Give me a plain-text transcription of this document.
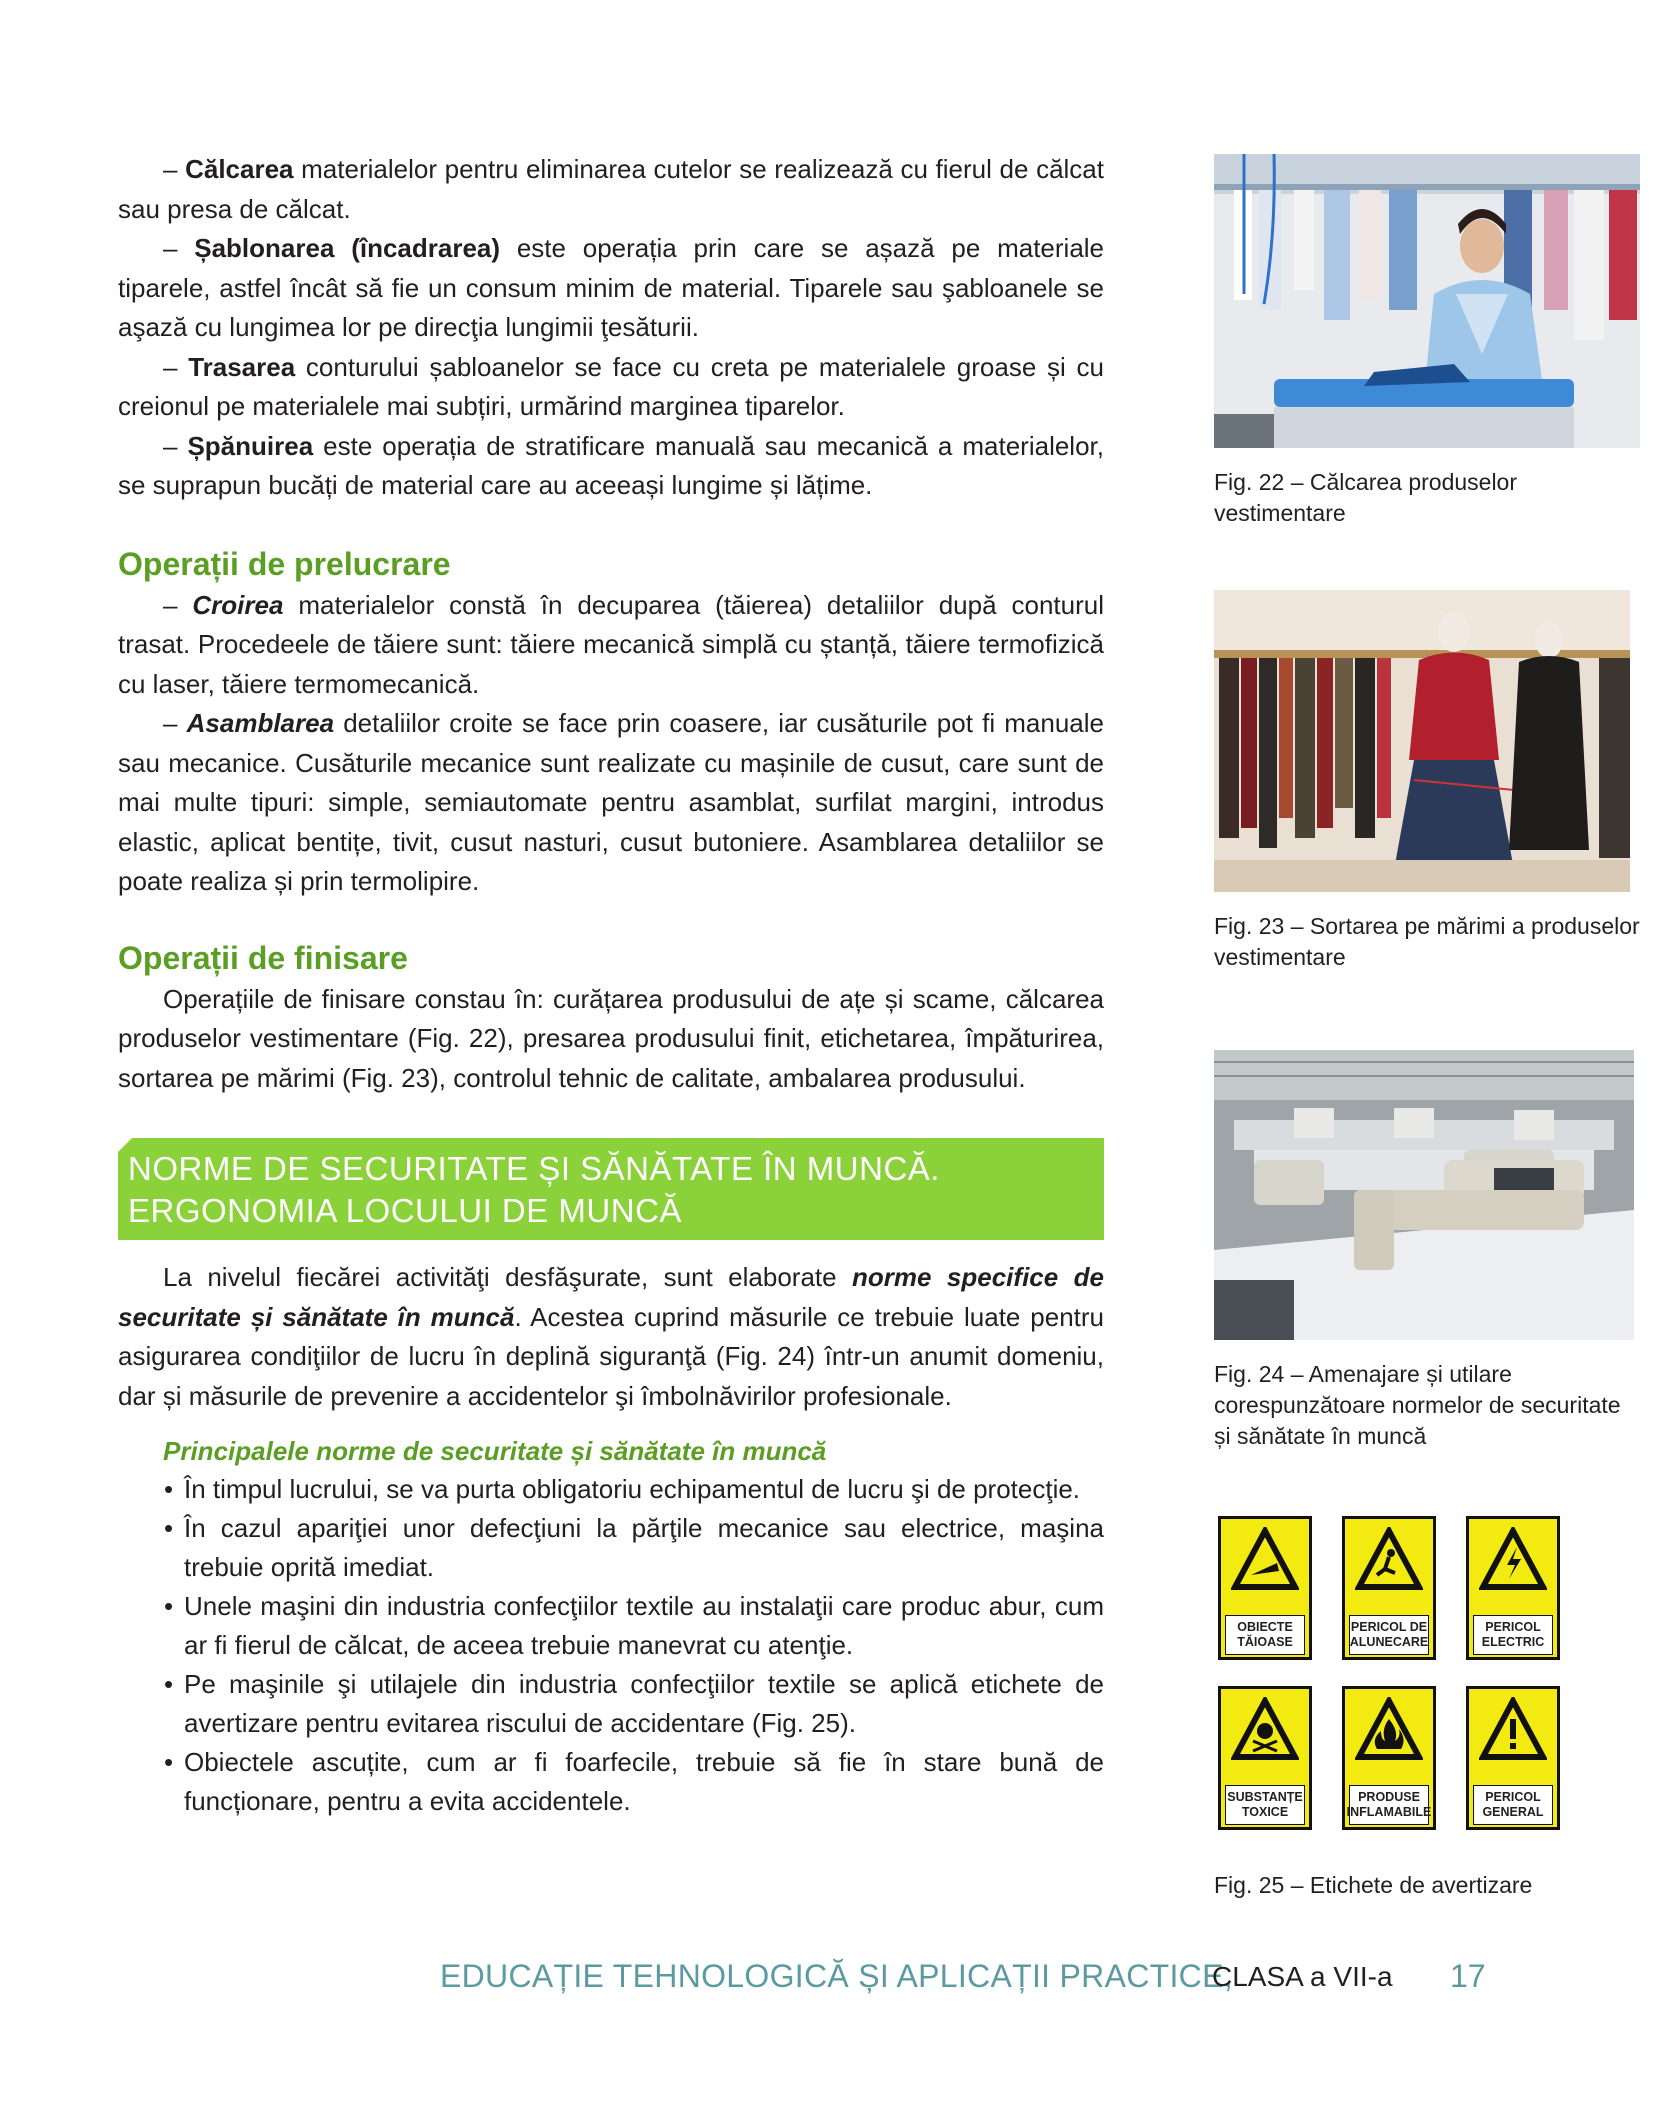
– Călcarea materialelor pentru eliminarea cutelor se realizează cu fierul de călcat sau presa de călcat.

– Șablonarea (încadrarea) este operația prin care se așază pe materiale tiparele, astfel încât să fie un consum minim de material. Tiparele sau şabloanele se aşază cu lungimea lor pe direcţia lungimii ţesăturii.

– Trasarea conturului șabloanelor se face cu creta pe materialele groase și cu creionul pe materialele mai subțiri, urmărind marginea tiparelor.

– Șpănuirea este operația de stratificare manuală sau mecanică a materialelor, se suprapun bucăți de material care au aceeași lungime și lățime.

Operații de prelucrare

– Croirea materialelor constă în decuparea (tăierea) detaliilor după conturul trasat. Procedeele de tăiere sunt: tăiere mecanică simplă cu ștanță, tăiere termofizică cu laser, tăiere termomecanică.

– Asamblarea detaliilor croite se face prin coasere, iar cusăturile pot fi manuale sau mecanice. Cusăturile mecanice sunt realizate cu mașinile de cusut, care sunt de mai multe tipuri: simple, semiautomate pentru asamblat, surfilat margini, introdus elastic, aplicat bentițe, tivit, cusut nasturi, cusut butoniere. Asamblarea detaliilor se poate realiza și prin termolipire.

Operații de finisare

Operațiile de finisare constau în: curățarea produsului de ațe și scame, călcarea produselor vestimentare (Fig. 22), presarea produsului finit, etichetarea, împăturirea, sortarea pe mărimi (Fig. 23), controlul tehnic de calitate, ambalarea produsului.

NORME DE SECURITATE ȘI SĂNĂTATE ÎN MUNCĂ.
ERGONOMIA LOCULUI DE MUNCĂ

La nivelul fiecărei activităţi desfăşurate, sunt elaborate norme specifice de securitate și sănătate în muncă. Acestea cuprind măsurile ce trebuie luate pentru asigurarea condiţiilor de lucru în deplină siguranţă (Fig. 24) într-un anumit domeniu, dar și măsurile de prevenire a accidentelor şi îmbolnăvirilor profesionale.

Principalele norme de securitate și sănătate în muncă

• În timpul lucrului, se va purta obligatoriu echipamentul de lucru şi de protecţie.
• În cazul apariţiei unor defecţiuni la părţile mecanice sau electrice, maşina trebuie oprită imediat.
• Unele maşini din industria confecţiilor textile au instalaţii care produc abur, cum ar fi fierul de călcat, de aceea trebuie manevrat cu atenţie.
• Pe maşinile şi utilajele din industria confecţiilor textile se aplică etichete de avertizare pentru evitarea riscului de accidentare (Fig. 25).
• Obiectele ascuțite, cum ar fi foarfecile, trebuie să fie în stare bună de funcționare, pentru a evita accidentele.
Fig. 22 – Călcarea produselor vestimentare
Fig. 23 – Sortarea pe mărimi a produselor vestimentare
Fig. 24 – Amenajare și utilare corespunzătoare normelor de securitate și sănătate în muncă
OBIECTE TĂIOASE
PERICOL DE ALUNECARE
PERICOL ELECTRIC
SUBSTANȚE TOXICE
PRODUSE INFLAMABILE
PERICOL GENERAL
Fig. 25 – Etichete de avertizare
EDUCAȚIE TEHNOLOGICĂ ȘI APLICAȚII PRACTICE,
CLASA a VII-a 17
